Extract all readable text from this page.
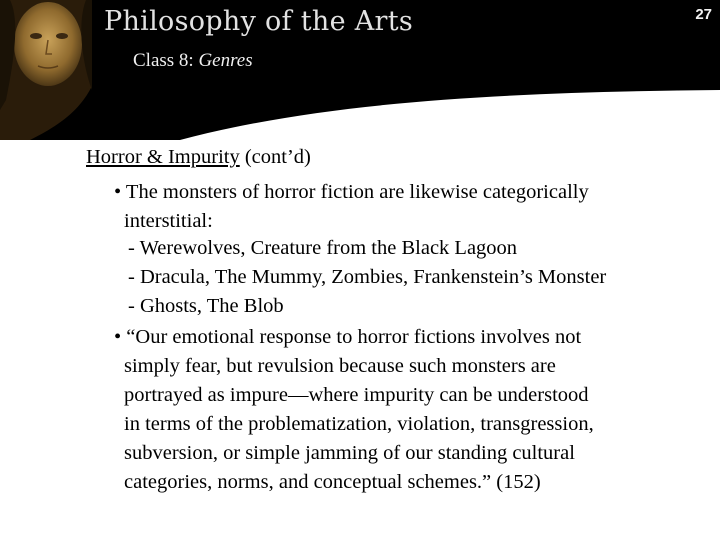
Philosophy of the Arts	27
Class 8: Genres
Horror & Impurity (cont’d)
• The monsters of horror fiction are likewise categorically
interstitial:
- Werewolves, Creature from the Black Lagoon
- Dracula, The Mummy, Zombies, Frankenstein’s Monster
- Ghosts, The Blob
• “Our emotional response to horror fictions involves not
simply fear, but revulsion because such monsters are
portrayed as impure—where impurity can be understood
in terms of the problematization, violation, transgression,
subversion, or simple jamming of our standing cultural
categories, norms, and conceptual schemes.” (152)
